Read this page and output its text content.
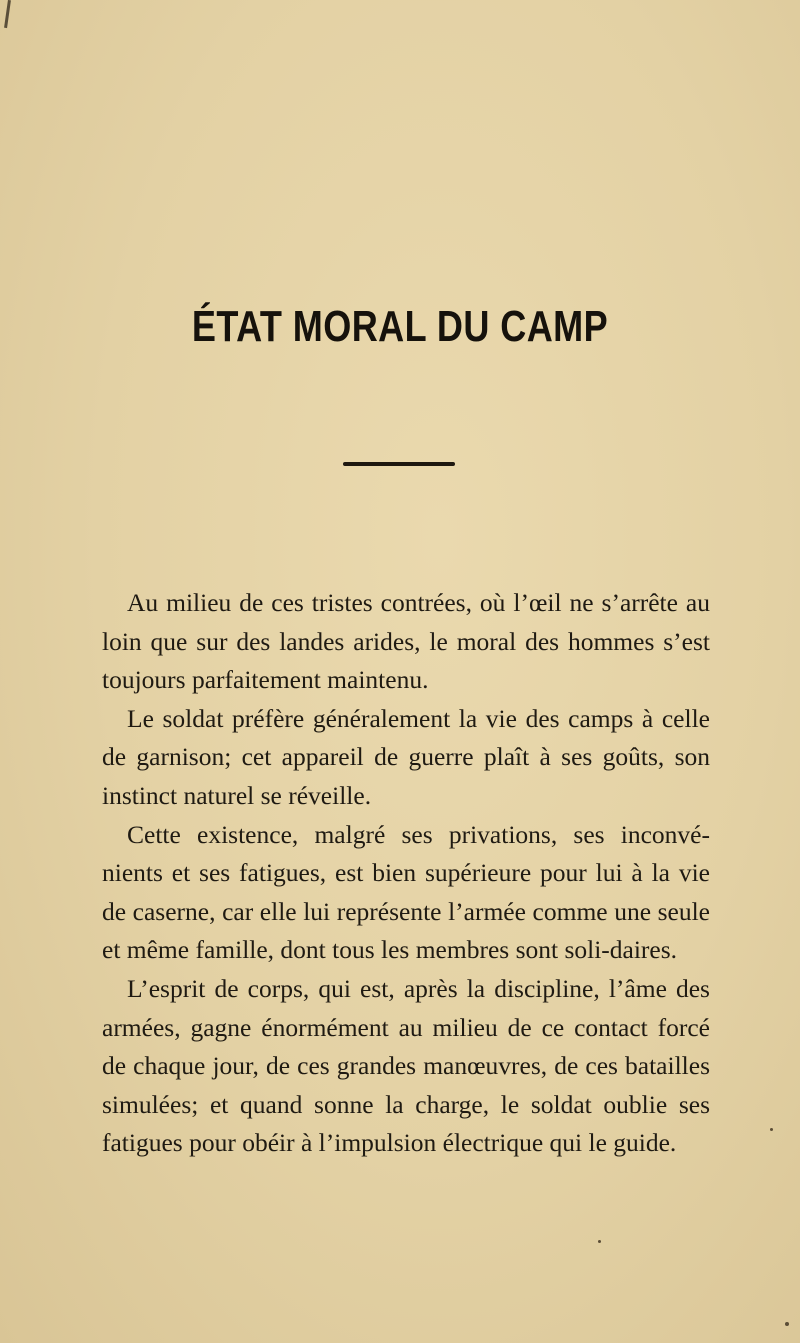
ÉTAT MORAL DU CAMP

Au milieu de ces tristes contrées, où l’œil ne s’arrête au loin que sur des landes arides, le moral des hommes s’est toujours parfaitement maintenu.

Le soldat préfère généralement la vie des camps à celle de garnison; cet appareil de guerre plaît à ses goûts, son instinct naturel se réveille.

Cette existence, malgré ses privations, ses inconvé-nients et ses fatigues, est bien supérieure pour lui à la vie de caserne, car elle lui représente l’armée comme une seule et même famille, dont tous les membres sont soli-daires.

L’esprit de corps, qui est, après la discipline, l’âme des armées, gagne énormément au milieu de ce contact forcé de chaque jour, de ces grandes manœuvres, de ces batailles simulées; et quand sonne la charge, le soldat oublie ses fatigues pour obéir à l’impulsion électrique qui le guide.
